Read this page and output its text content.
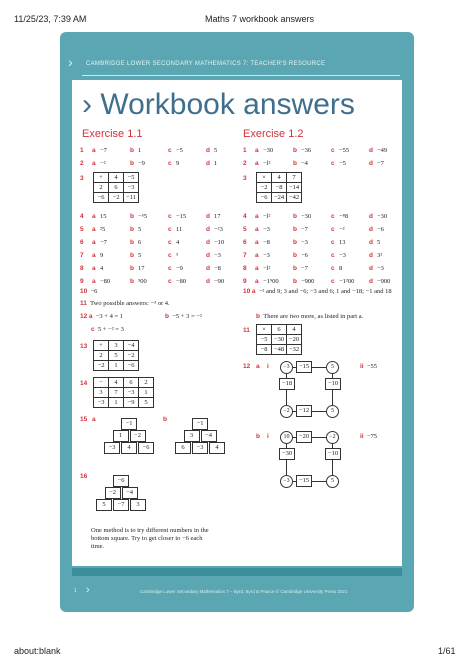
11/25/23, 7:39 AM	Maths 7 workbook answers
› CAMBRIDGE LOWER SECONDARY MATHEMATICS 7: TEACHER'S RESOURCE
› Workbook answers
Exercise 1.1	Exercise 1.2
1 a −7	b 1	c −5	d 5
2 a −²	b −9	c 9	d 1
4 a 15	b −⁵5	c −15	d 17
5 a ²5	b 5	c 11	d −²3
6 a −7	b 6	c 4	d −10
7 a 9	b 5	c ³	d −3
8 a 4	b 17	c −9	d −8
9 a −80	b ⁹00	c −80	d −90
1 a −30	b −36	c −55	d −49
2 a −l²	b −4	c −5	d −7
4 a −l²	b −30	c −⁸8	d −30
5 a −3	b −7	c −²	d −6
6 a −8	b −3	c 13	d 5
7 a −3	b −6	c −3	d 3²
8 a −l²	b −7	c 8	d −3
9 a −1⁹00 b −900	c −1²00 d −900
3 +	4	−5
2	6	−3
−6	−2	−11
10 −6
11 Two possible answers: −³ or 4.
12 a −3 + 4 = 1	b −5 + 3 = −²
c 5 + −² = 3
13 +	3	−4
2	5	−2
−2	1	−6
14 −	4	6	2
3	7	−3	1
−3	1	−9	5
15 a	b
−1
1	−2
−3	4	−6
−1
3	−4
6	−3	4
16
−6
−2	−4
5	−7	3
One method is to try different numbers in the bottom square. Try to get closer to −6 each time.
3 ×	4	7
−2	−8	−14
−6	−24	−42
10 a −² and 9; 3 and −6; −3 and 6; 1 and −18; −1 and 18
b There are two more, as listed in part a.
11 ×	6	4
−5	−30	−20
−8	−48	−32
12 a i	ii −55
−3	5
−2	5
−15
−18	−10
−12
b i	ii −75
10	−2
−3	5
−20
−30	−10
−15
1 ›	Cambridge Lower Secondary Mathematics 7 – Byrd, Byrd & Pearce © Cambridge University Press 2021
about:blank	1/61
